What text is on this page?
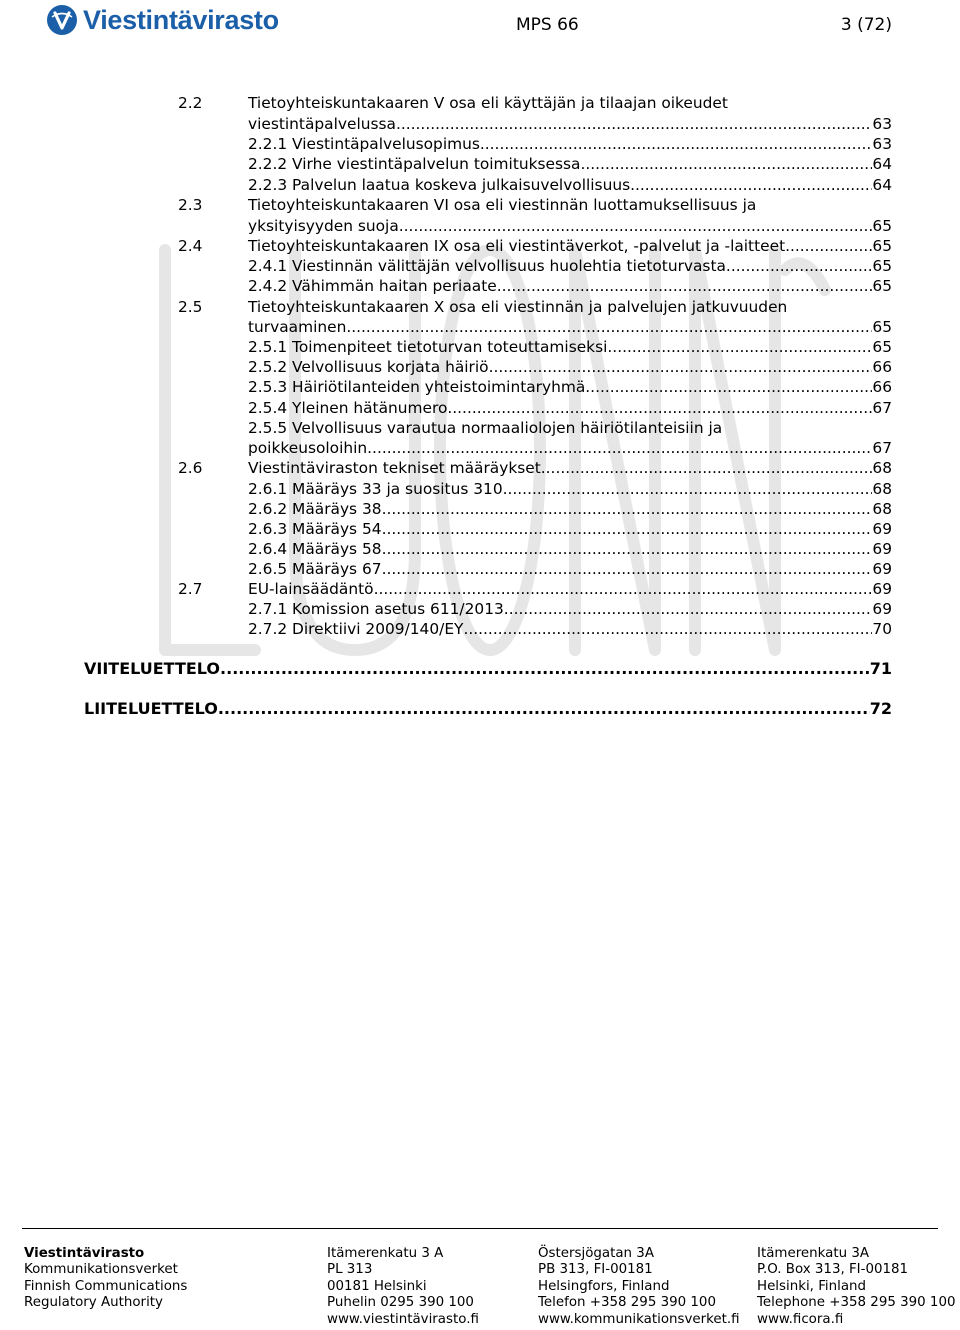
Viestintävirasto	MPS 66	3 (72)
2.2	Tietoyhteiskuntakaaren V osa eli käyttäjän ja tilaajan oikeudet
viestintäpalvelussa .....	63
2.2.1 Viestintäpalvelusopimus .....	63
2.2.2 Virhe viestintäpalvelun toimituksessa .....	64
2.2.3 Palvelun laatua koskeva julkaisuvelvollisuus .....	64
2.3	Tietoyhteiskuntakaaren VI osa eli viestinnän luottamuksellisuus ja
yksityisyyden suoja .....	65
2.4	Tietoyhteiskuntakaaren IX osa eli viestintäverkot, -palvelut ja -laitteet .....	65
2.4.1 Viestinnän välittäjän velvollisuus huolehtia tietoturvasta .....	65
2.4.2 Vähimmän haitan periaate .....	65
2.5	Tietoyhteiskuntakaaren X osa eli viestinnän ja palvelujen jatkuvuuden
turvaaminen .....	65
2.5.1 Toimenpiteet tietoturvan toteuttamiseksi .....	65
2.5.2 Velvollisuus korjata häiriö .....	66
2.5.3 Häiriötilanteiden yhteistoimintaryhmä .....	66
2.5.4 Yleinen hätänumero .....	67
2.5.5 Velvollisuus varautua normaaliolojen häiriötilanteisiin ja
poikkeusoloihin .....	67
2.6	Viestintäviraston tekniset määräykset .....	68
2.6.1 Määräys 33 ja suositus 310 .....	68
2.6.2 Määräys 38 .....	68
2.6.3 Määräys 54 .....	69
2.6.4 Määräys 58 .....	69
2.6.5 Määräys 67 .....	69
2.7	EU-lainsäädäntö .....	69
2.7.1 Komission asetus 611/2013 .....	69
2.7.2 Direktiivi 2009/140/EY .....	70
VIITELUETTELO .....	71
LIITELUETTELO .....	72
Viestintävirasto
Kommunikationsverket
Finnish Communications
Regulatory Authority
Itämerenkatu 3 A
PL 313
00181 Helsinki
Puhelin 0295 390 100
www.viestintävirasto.fi
Östersjögatan 3A
PB 313, FI-00181
Helsingfors, Finland
Telefon +358 295 390 100
www.kommunikationsverket.fi
Itämerenkatu 3A
P.O. Box 313, FI-00181
Helsinki, Finland
Telephone +358 295 390 100
www.ficora.fi
